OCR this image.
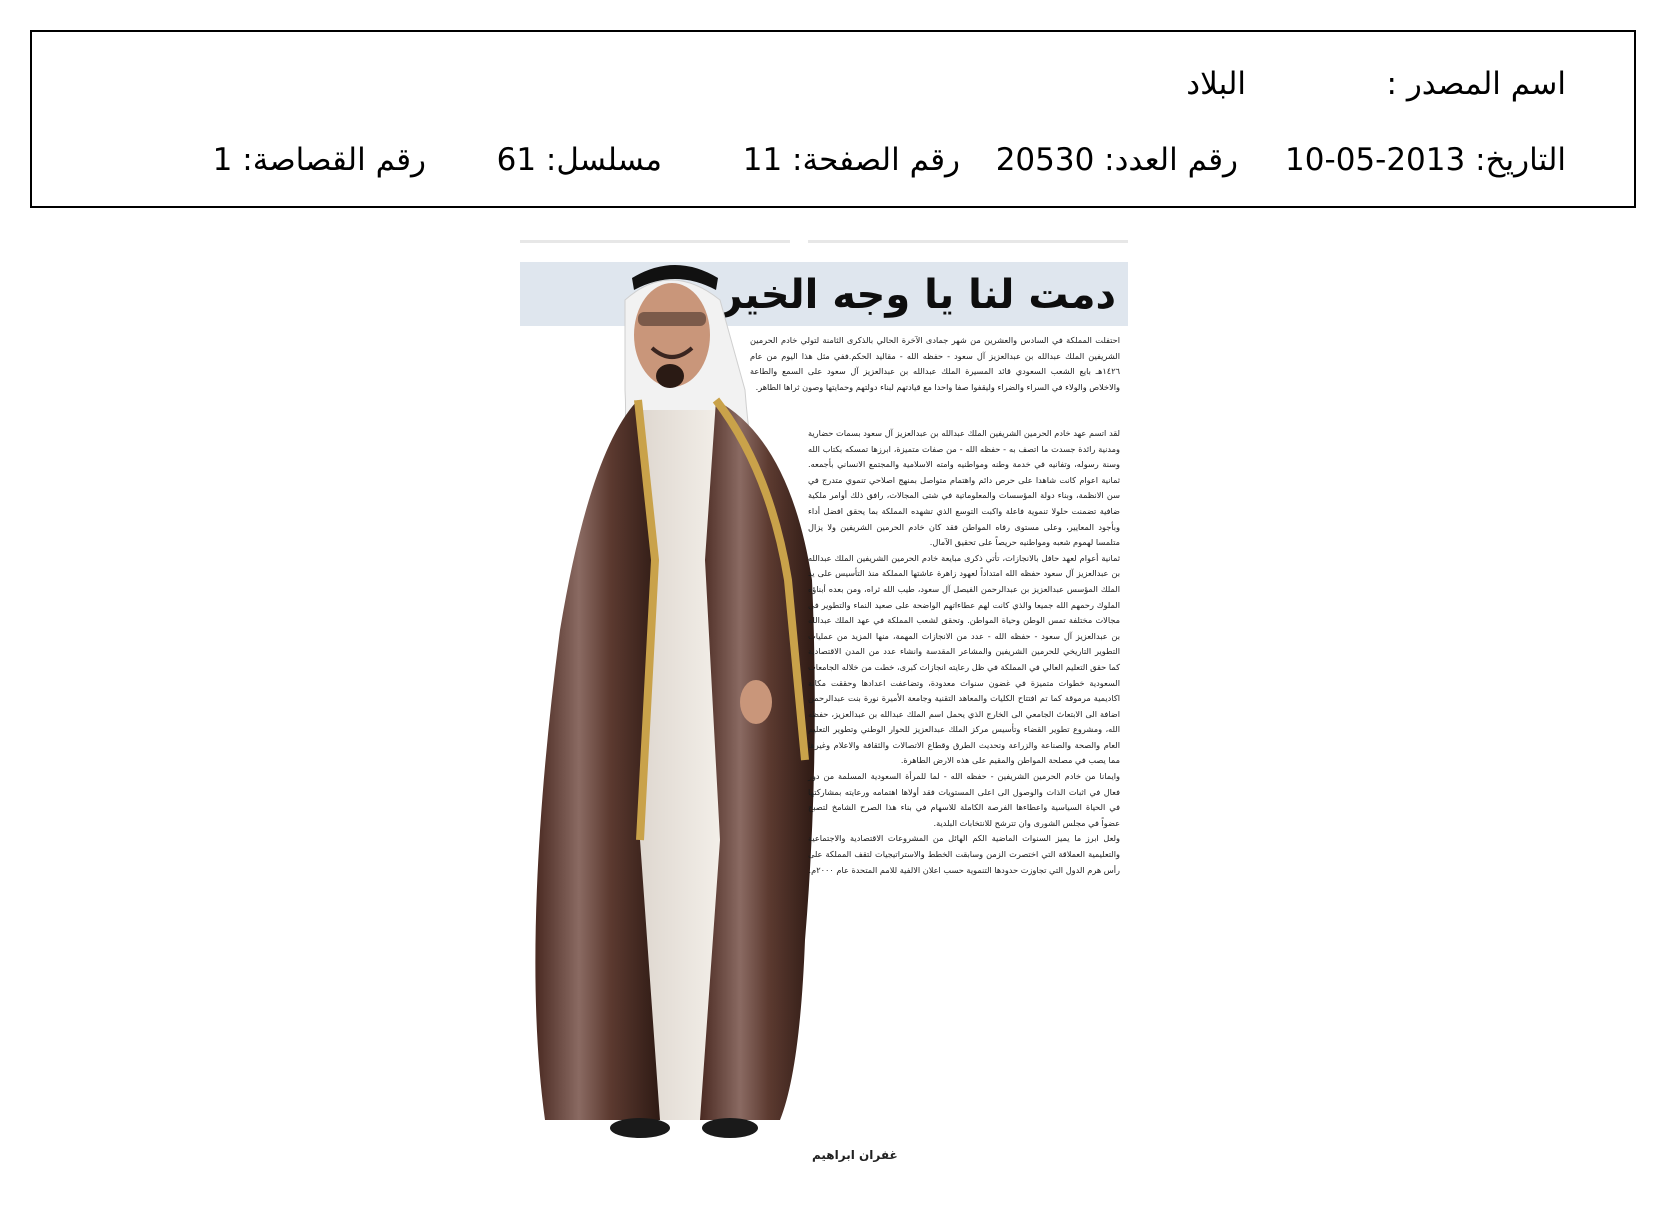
اسم المصدر :
البلاد
التاريخ: 2013-05-10
رقم العدد: 20530
رقم الصفحة: 11
مسلسل: 61
رقم القصاصة: 1
دمت لنا يا وجه الخير

احتفلت المملكة في السادس والعشرين من شهر جمادى الآخرة الحالي بالذكرى الثامنة لتولي خادم الحرمين الشريفين الملك عبدالله بن عبدالعزيز آل سعود - حفظه الله - مقاليد الحكم.ففي مثل هذا اليوم من عام ١٤٢٦هـ بايع الشعب السعودي قائد المسيرة الملك عبدالله بن عبدالعزيز آل سعود على السمع والطاعة والاخلاص والولاء في السراء والضراء وليقفوا صفا واحدا مع قيادتهم لبناء دولتهم وحمايتها وصون ثراها الطاهر.

لقد اتسم عهد خادم الحرمين الشريفين الملك عبدالله بن عبدالعزيز آل سعود بسمات حضارية ومدنية رائدة جسدت ما اتصف به - حفظه الله - من صفات متميزة، ابرزها تمسكه بكتاب الله وسنة رسوله، وتفانيه في خدمة وطنه ومواطنيه وامته الاسلامية والمجتمع الانساني بأجمعه. ثمانية اعوام كانت شاهدا على حرص دائم واهتمام متواصل بمنهج اصلاحي تنموي متدرج في سن الانظمة، وبناء دولة المؤسسات والمعلوماتية في شتى المجالات، رافق ذلك أوامر ملكية ضافية تضمنت حلولا تنموية فاعلة واكبت التوسع الذي تشهده المملكة بما يحقق افضل أداء وبأجود المعايير، وعلى مستوى رفاه المواطن فقد كان خادم الحرمين الشريفين ولا يزال متلمسا لهموم شعبه ومواطنيه حريصاً على تحقيق الآمال.

ثمانية أعوام لعهد حافل بالانجازات، تأتي ذكرى مبايعة خادم الحرمين الشريفين الملك عبدالله بن عبدالعزيز آل سعود حفظه الله امتداداً لعهود زاهرة عاشتها المملكة منذ التأسيس على يد الملك المؤسس عبدالعزيز بن عبدالرحمن الفيصل آل سعود، طيب الله ثراه، ومن بعده أبناؤه الملوك رحمهم الله جميعا والذي كانت لهم عطاءاتهم الواضحة على صعيد النماء والتطوير في مجالات مختلفة تمس الوطن وحياة المواطن. وتحقق لشعب المملكة في عهد الملك عبدالله بن عبدالعزيز آل سعود - حفظه الله - عدد من الانجازات المهمة، منها المزيد من عمليات التطوير التاريخي للحرمين الشريفين والمشاعر المقدسة وانشاء عدد من المدن الاقتصادية كما حقق التعليم العالي في المملكة في ظل رعايته انجازات كبرى، خطت من خلاله الجامعات السعودية خطوات متميزة في غضون سنوات معدودة، وتضاعفت اعدادها وحققت مكانة اكاديمية مرموقة كما تم افتتاح الكليات والمعاهد التقنية وجامعة الأميرة نورة بنت عبدالرحمن اضافة الى الابتعاث الجامعي الى الخارج الذي يحمل اسم الملك عبدالله بن عبدالعزيز، حفظه الله، ومشروع تطوير القضاء وتأسيس مركز الملك عبدالعزيز للحوار الوطني وتطوير التعليم العام والصحة والصناعة والزراعة وتحديث الطرق وقطاع الاتصالات والثقافة والاعلام وغيرها مما يصب في مصلحة المواطن والمقيم على هذه الارض الطاهرة.

وايمانا من خادم الحرمين الشريفين - حفظه الله - لما للمرأة السعودية المسلمة من دور فعال في اثبات الذات والوصول الى اعلى المستويات فقد أولاها اهتمامه ورعايته بمشاركتها في الحياة السياسية واعطاءها الفرصة الكاملة للاسهام في بناء هذا الصرح الشامخ لتصبح عضواً في مجلس الشورى وان تترشح للانتخابات البلدية.

ولعل ابرز ما يميز السنوات الماضية الكم الهائل من المشروعات الاقتصادية والاجتماعية والتعليمية العملاقة التي اختصرت الزمن وسابقت الخطط والاستراتيجيات لتقف المملكة على رأس هرم الدول التي تجاوزت حدودها التنموية حسب اعلان الالفية للامم المتحدة عام ٢٠٠٠م.

غفران ابراهيم
